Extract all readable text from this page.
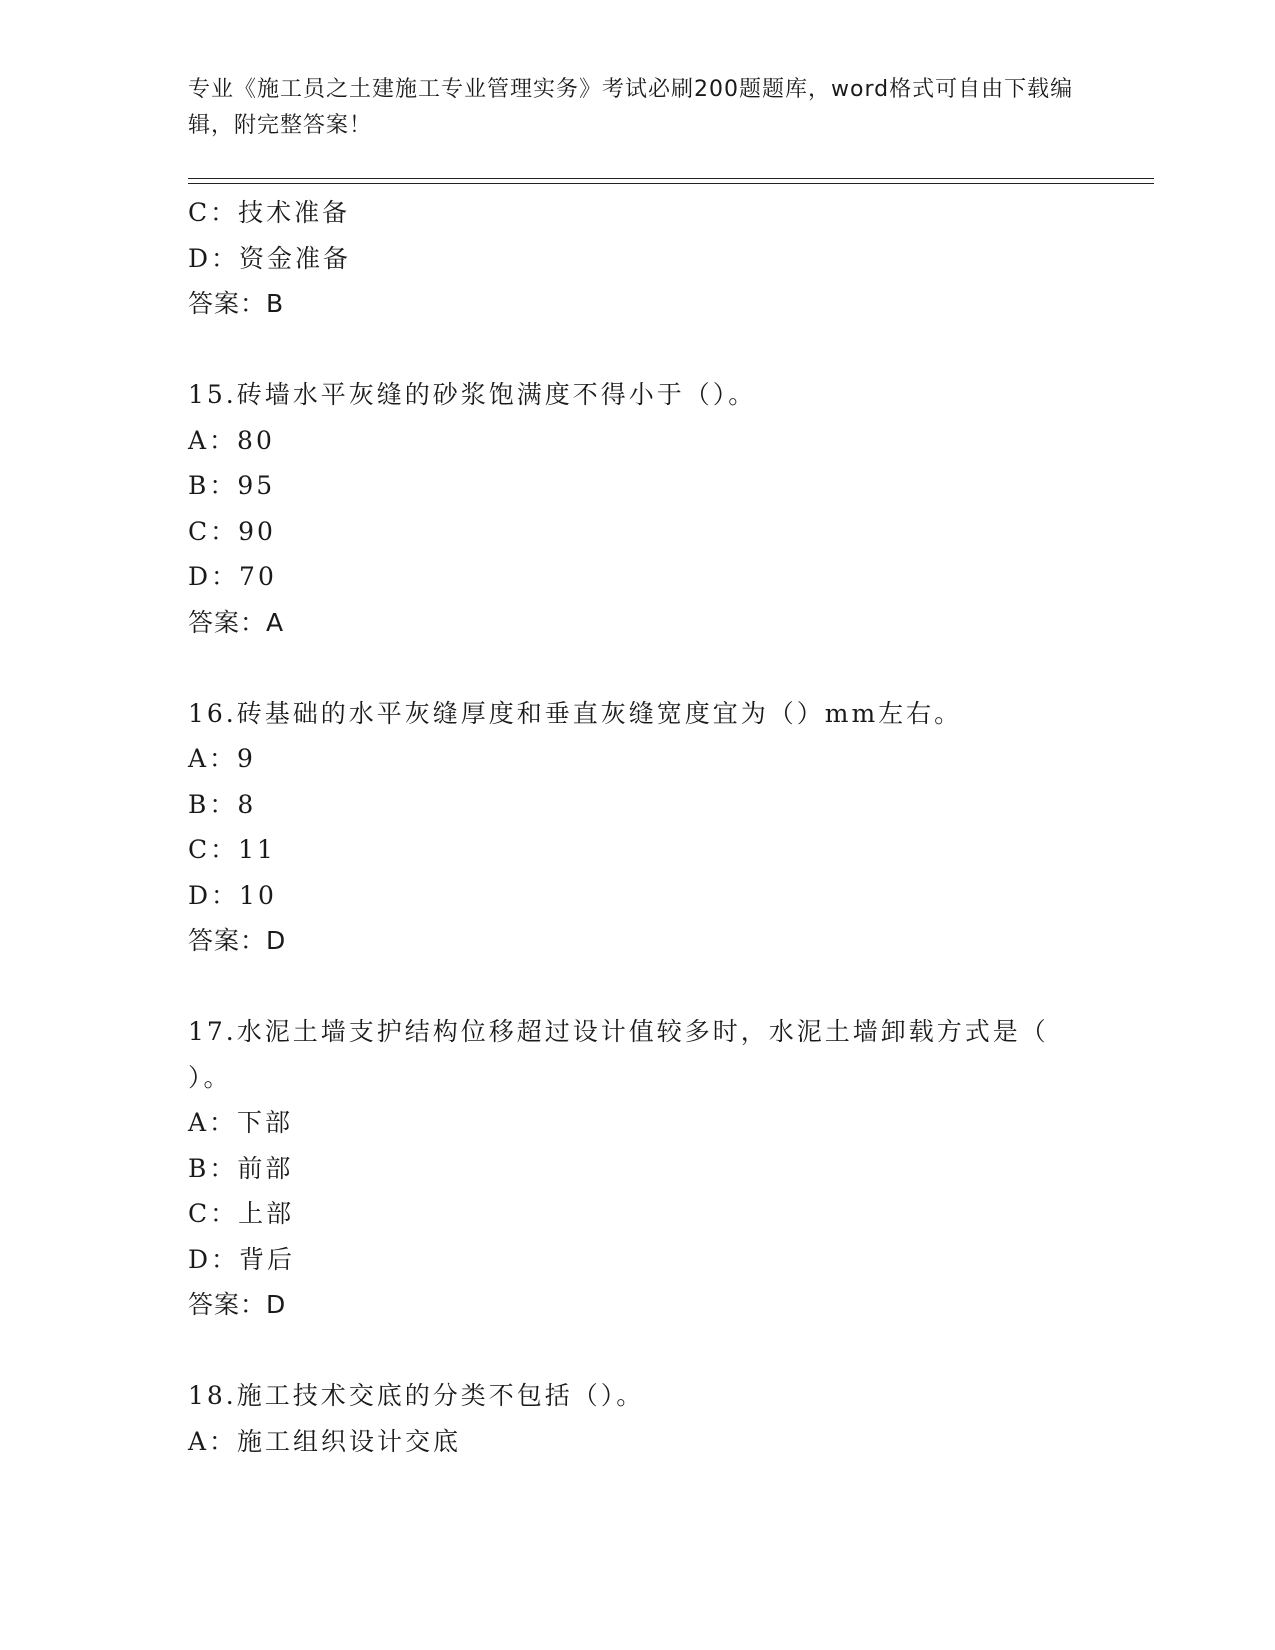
专业《施工员之土建施工专业管理实务》考试必刷200题题库，word格式可自由下载编辑，附完整答案！
C：技术准备
D：资金准备
答案：B
15.砖墙水平灰缝的砂浆饱满度不得小于（）。
A：80
B：95
C：90
D：70
答案：A
16.砖基础的水平灰缝厚度和垂直灰缝宽度宜为（）mm左右。
A：9
B：8
C：11
D：10
答案：D
17.水泥土墙支护结构位移超过设计值较多时，水泥土墙卸载方式是（
）。
A：下部
B：前部
C：上部
D：背后
答案：D
18.施工技术交底的分类不包括（）。
A：施工组织设计交底
